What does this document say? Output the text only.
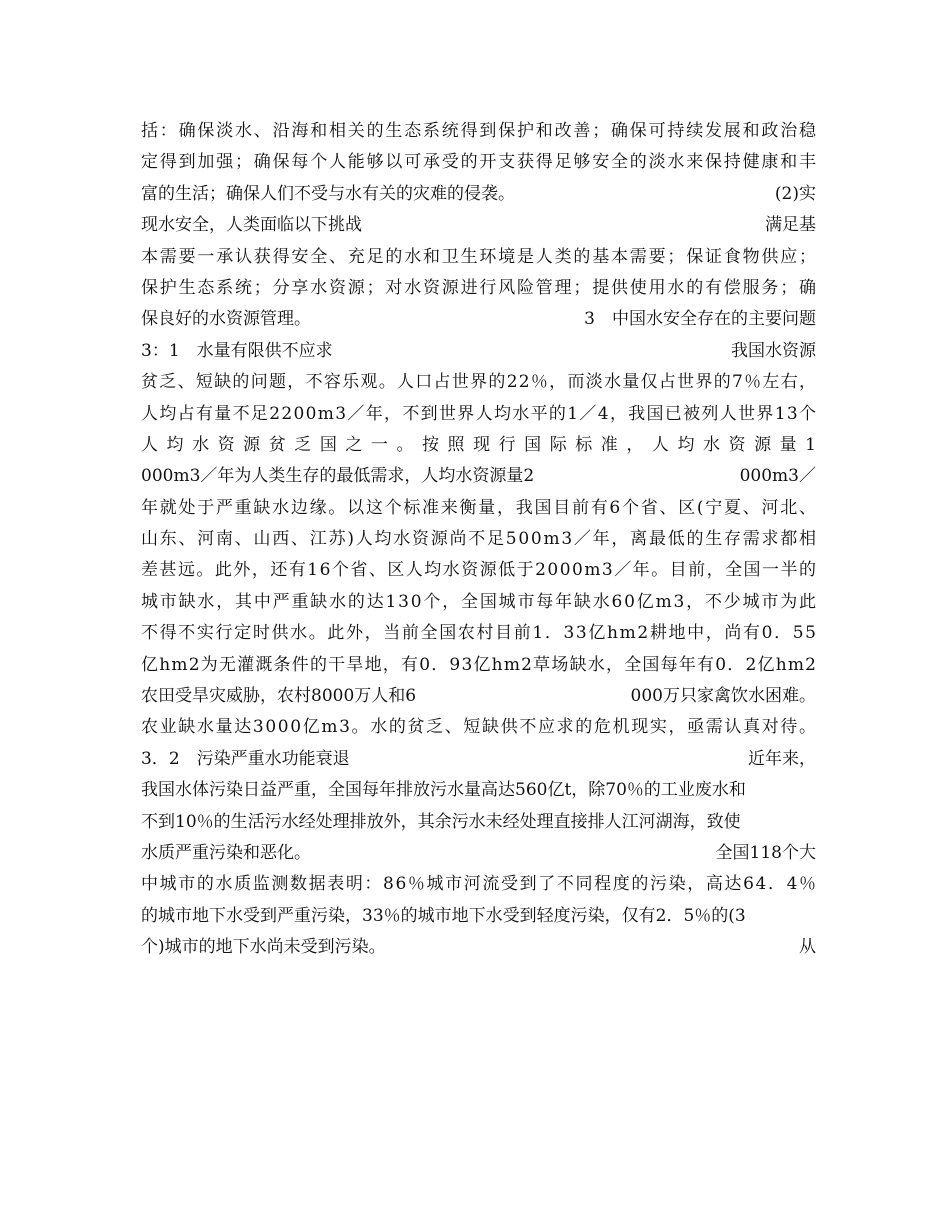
括：确保淡水、沿海和相关的生态系统得到保护和改善；确保可持续发展和政治稳
定得到加强；确保每个人能够以可承受的开支获得足够安全的淡水来保持健康和丰
富的生活；确保人们不受与水有关的灾难的侵袭。	(2)实
现水安全，人类面临以下挑战	满足基
本需要一承认获得安全、充足的水和卫生环境是人类的基本需要；保证食物供应；
保护生态系统；分享水资源；对水资源进行风险管理；提供使用水的有偿服务；确
保良好的水资源管理。	3　中国水安全存在的主要问题
3：1　水量有限供不应求	我国水资源
贫乏、短缺的问题，不容乐观。人口占世界的22％，而淡水量仅占世界的7％左右，
人均占有量不足2200m3／年，不到世界人均水平的1／4，我国已被列人世界13个
人均水资源贫乏国之一。按照现行国际标准，人均水资源量1
000m3／年为人类生存的最低需求，人均水资源量2	000m3／
年就处于严重缺水边缘。以这个标准来衡量，我国目前有6个省、区(宁夏、河北、
山东、河南、山西、江苏)人均水资源尚不足500m3／年，离最低的生存需求都相
差甚远。此外，还有16个省、区人均水资源低于2000m3／年。目前，全国一半的
城市缺水，其中严重缺水的达130个，全国城市每年缺水60亿m3，不少城市为此
不得不实行定时供水。此外，当前全国农村目前1．33亿hm2耕地中，尚有0．55
亿hm2为无灌溉条件的干旱地，有0．93亿hm2草场缺水，全国每年有0．2亿hm2
农田受旱灾威胁，农村8000万人和6	000万只家禽饮水困难。
农业缺水量达3000亿m3。水的贫乏、短缺供不应求的危机现实，亟需认真对待。
3．2　污染严重水功能衰退	近年来，
我国水体污染日益严重，全国每年排放污水量高达560亿t，除70％的工业废水和
不到10％的生活污水经处理排放外，其余污水未经处理直接排人江河湖海，致使
水质严重污染和恶化。	全国118个大
中城市的水质监测数据表明：86％城市河流受到了不同程度的污染，高达64．4％
的城市地下水受到严重污染，33％的城市地下水受到轻度污染，仅有2．5％的(3
个)城市的地下水尚未受到污染。	从
